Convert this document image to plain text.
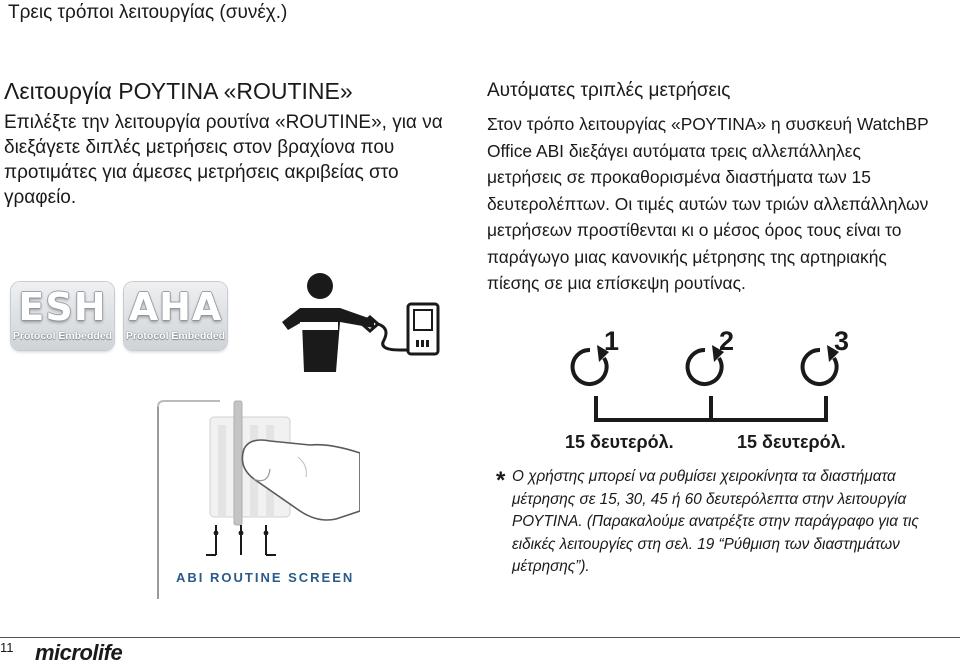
Τρεις τρόποι λειτουργίας (συνέχ.)
Λειτουργία ΡΟΥΤΙΝΑ «ROUTINE»
Επιλέξτε την λειτουργία ρουτίνα «ROUTINE», για να διεξάγετε διπλές μετρήσεις στον βραχίονα που προτιμάτες για άμεσες μετρήσεις ακριβείας στο γραφείο.
ESH
Protocol Embedded
AHA
Protocol Embedded
ABI ROUTINE SCREEN
Αυτόματες τριπλές μετρήσεις
Στον τρόπο λειτουργίας «ΡΟΥΤΙΝΑ» η συσκευή WatchBP Office ABI διεξάγει αυτόματα τρεις αλλεπάλληλες μετρήσεις σε προκαθορισμένα διαστήματα των 15 δευτερολέπτων. Οι τιμές αυτών των τριών αλλεπάλληλων μετρήσεων προστίθενται κι ο μέσος όρος τους είναι το παράγωγο μιας κανονικής μέτρησης της αρτηριακής πίεσης σε μια επίσκεψη ρουτίνας.
1	2	3
15 δευτερόλ.	15 δευτερόλ.
* Ο χρήστης μπορεί να ρυθμίσει χειροκίνητα τα διαστήματα μέτρησης σε 15, 30, 45 ή 60 δευτερόλεπτα στην λειτουργία ΡΟΥΤΙΝΑ. (Παρακαλούμε ανατρέξτε στην παράγραφο για τις ειδικές λειτουργίες στη σελ. 19 “Ρύθμιση των διαστημάτων μέτρησης”).
11 microlife
